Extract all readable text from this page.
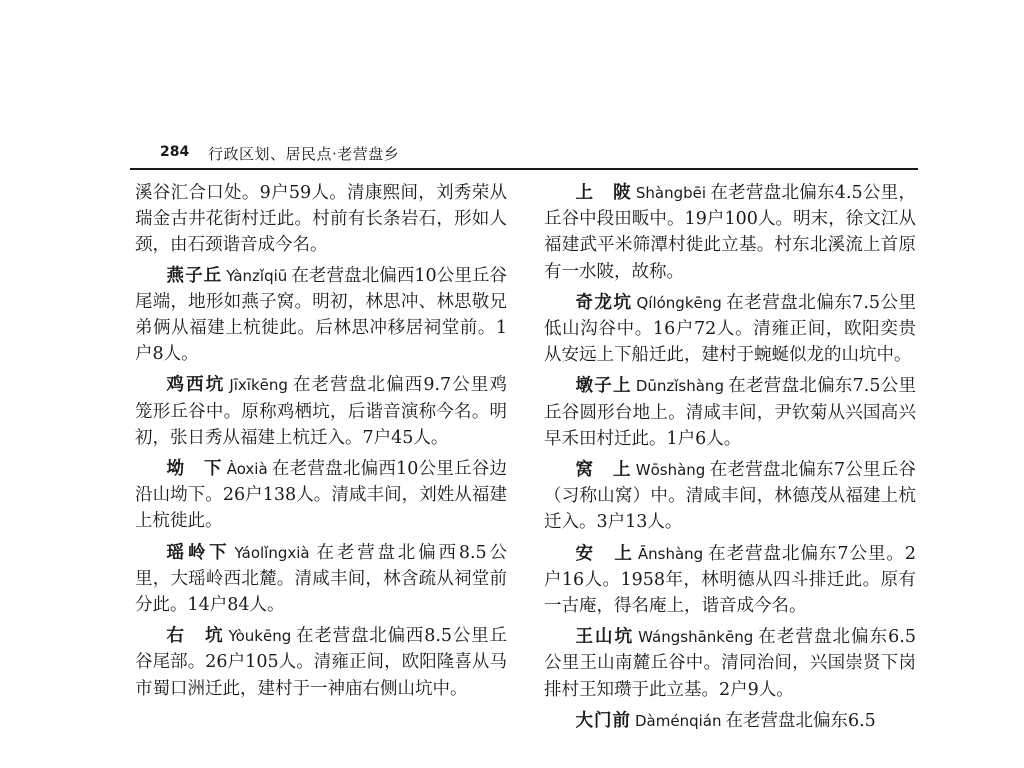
284 行政区划、居民点·老营盘乡
溪谷汇合口处。9户59人。清康熙间，刘秀荣从瑞金古井花街村迁此。村前有长条岩石，形如人颈，由石颈谐音成今名。
燕子丘 Yànzǐqiū 在老营盘北偏西10公里丘谷尾端，地形如燕子窝。明初，林思冲、林思敬兄弟俩从福建上杭徙此。后林思冲移居祠堂前。1户8人。
鸡西坑 Jīxīkēng 在老营盘北偏西9.7公里鸡笼形丘谷中。原称鸡栖坑，后谐音演称今名。明初，张日秀从福建上杭迁入。7户45人。
坳　下 Àoxià 在老营盘北偏西10公里丘谷边沿山坳下。26户138人。清咸丰间，刘姓从福建上杭徙此。
瑶岭下 Yáolǐngxià 在老营盘北偏西8.5公里，大瑶岭西北麓。清咸丰间，林含疏从祠堂前分此。14户84人。
右　坑 Yòukēng 在老营盘北偏西8.5公里丘谷尾部。26户105人。清雍正间，欧阳隆喜从马市蜀口洲迁此，建村于一神庙右侧山坑中。
上　陂 Shàngbēi 在老营盘北偏东4.5公里，丘谷中段田畈中。19户100人。明末，徐文江从福建武平米筛潭村徙此立基。村东北溪流上首原有一水陂，故称。
奇龙坑 Qílóngkēng 在老营盘北偏东7.5公里低山沟谷中。16户72人。清雍正间，欧阳奕贵从安远上下船迁此，建村于蜿蜒似龙的山坑中。
墩子上 Dūnzǐshàng 在老营盘北偏东7.5公里丘谷圆形台地上。清咸丰间，尹钦菊从兴国高兴早禾田村迁此。1户6人。
窝　上 Wōshàng 在老营盘北偏东7公里丘谷（习称山窝）中。清咸丰间，林德茂从福建上杭迁入。3户13人。
安　上 Ānshàng 在老营盘北偏东7公里。2户16人。1958年，林明德从四斗排迁此。原有一古庵，得名庵上，谐音成今名。
王山坑 Wángshānkēng 在老营盘北偏东6.5公里王山南麓丘谷中。清同治间，兴国崇贤下岗排村王知瓒于此立基。2户9人。
大门前 Dàménqián 在老营盘北偏东6.5
